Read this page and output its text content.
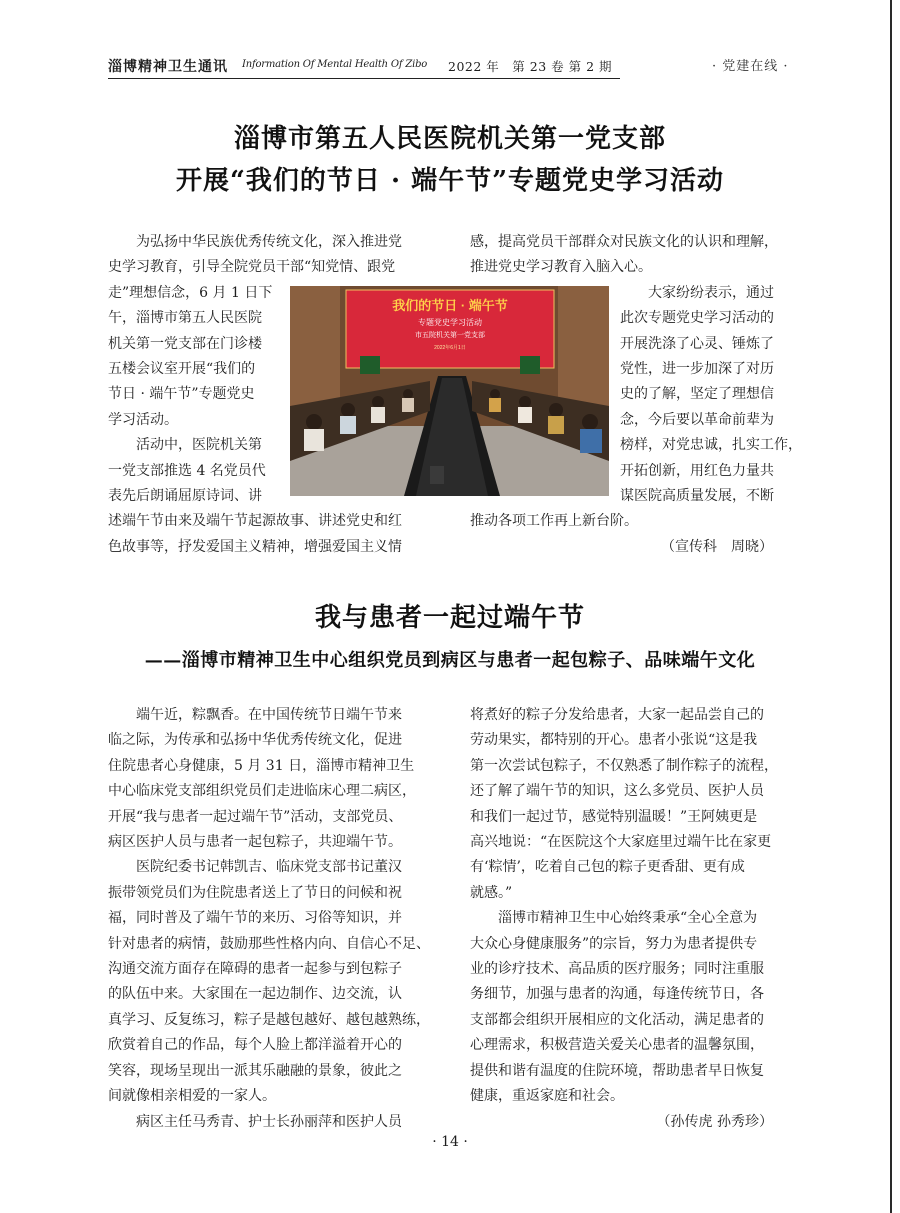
淄博精神卫生通讯 Information Of Mental Health Of Zibo 2022 年　第 23 卷 第 2 期	· 党建在线 ·
淄博市第五人民医院机关第一党支部
开展“我们的节日 · 端午节”专题党史学习活动

为弘扬中华民族优秀传统文化，深入推进党

史学习教育，引导全院党员干部“知党情、跟党

走”理想信念，6 月 1 日下

午，淄博市第五人民医院

机关第一党支部在门诊楼

五楼会议室开展“我们的

节日 · 端午节”专题党史

学习活动。

活动中，医院机关第

一党支部推选 4 名党员代

表先后朗诵屈原诗词、讲

述端午节由来及端午节起源故事、讲述党史和红

色故事等，抒发爱国主义精神，增强爱国主义情

我们的节日 · 端午节
专题党史学习活动
市五院机关第一党支部
2022年6月1日

感，提高党员干部群众对民族文化的认识和理解，

推进党史学习教育入脑入心。

大家纷纷表示，通过

此次专题党史学习活动的

开展洗涤了心灵、锤炼了

党性，进一步加深了对历

史的了解，坚定了理想信

念，今后要以革命前辈为

榜样，对党忠诚，扎实工作，

开拓创新，用红色力量共

谋医院高质量发展，不断

推动各项工作再上新台阶。

（宣传科　周晓）

我与患者一起过端午节
——淄博市精神卫生中心组织党员到病区与患者一起包粽子、品味端午文化

端午近，粽飘香。在中国传统节日端午节来

临之际，为传承和弘扬中华优秀传统文化，促进

住院患者心身健康，5 月 31 日，淄博市精神卫生

中心临床党支部组织党员们走进临床心理二病区，

开展“我与患者一起过端午节”活动，支部党员、

病区医护人员与患者一起包粽子，共迎端午节。

医院纪委书记韩凯吉、临床党支部书记董汉

振带领党员们为住院患者送上了节日的问候和祝

福，同时普及了端午节的来历、习俗等知识，并

针对患者的病情，鼓励那些性格内向、自信心不足、

沟通交流方面存在障碍的患者一起参与到包粽子

的队伍中来。大家围在一起边制作、边交流，认

真学习、反复练习，粽子是越包越好、越包越熟练，

欣赏着自己的作品，每个人脸上都洋溢着开心的

笑容，现场呈现出一派其乐融融的景象，彼此之

间就像相亲相爱的一家人。

病区主任马秀青、护士长孙丽萍和医护人员

将煮好的粽子分发给患者，大家一起品尝自己的

劳动果实，都特别的开心。患者小张说“这是我

第一次尝试包粽子，不仅熟悉了制作粽子的流程，

还了解了端午节的知识，这么多党员、医护人员

和我们一起过节，感觉特别温暖！”王阿姨更是

高兴地说：“在医院这个大家庭里过端午比在家更

有‘粽情’，吃着自己包的粽子更香甜、更有成

就感。”

淄博市精神卫生中心始终秉承“全心全意为

大众心身健康服务”的宗旨，努力为患者提供专

业的诊疗技术、高品质的医疗服务；同时注重服

务细节，加强与患者的沟通，每逢传统节日，各

支部都会组织开展相应的文化活动，满足患者的

心理需求，积极营造关爱关心患者的温馨氛围，

提供和谐有温度的住院环境，帮助患者早日恢复

健康，重返家庭和社会。

（孙传虎 孙秀珍）

· 14 ·
